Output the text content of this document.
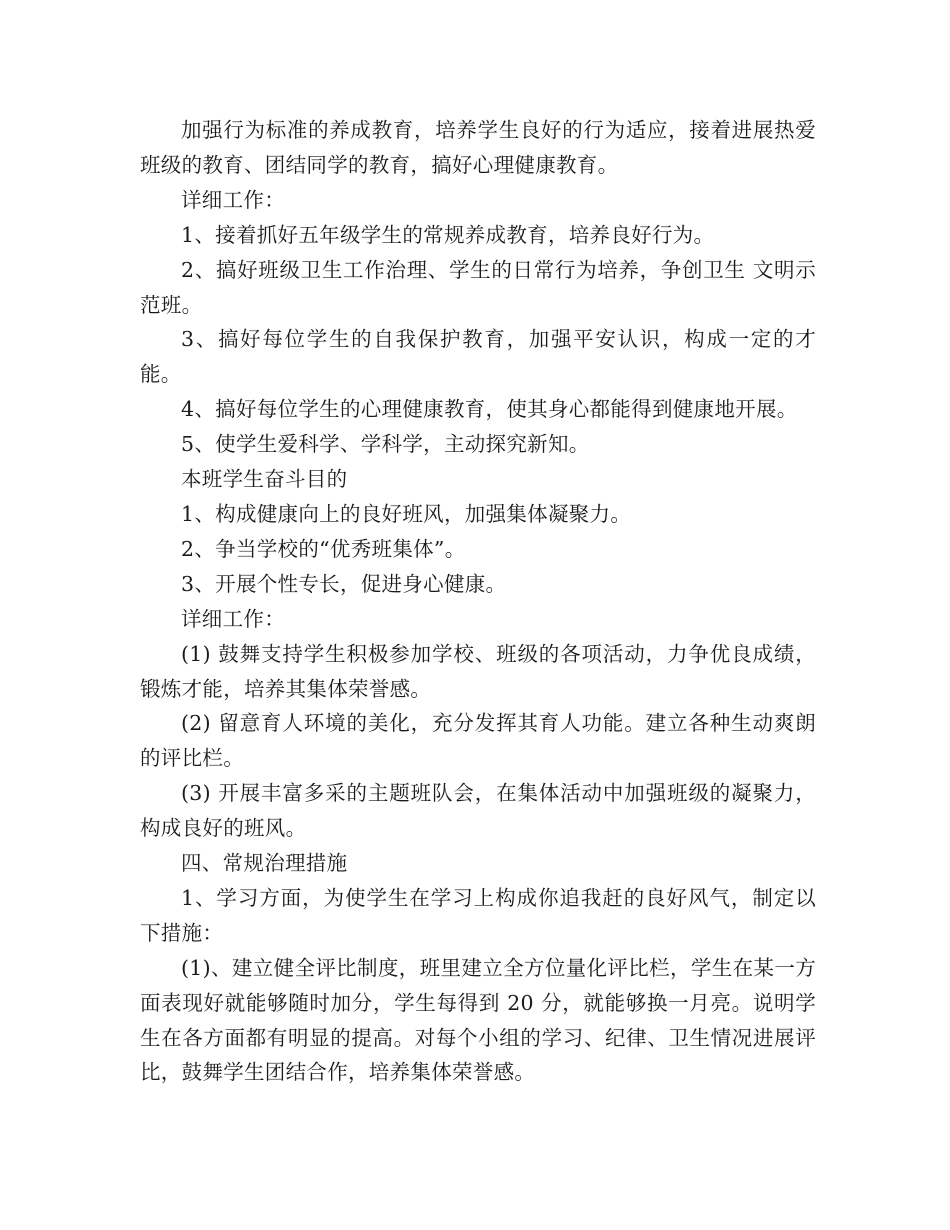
加强行为标准的养成教育，培养学生良好的行为适应，接着进展热爱班级的教育、团结同学的教育，搞好心理健康教育。

详细工作：

1、接着抓好五年级学生的常规养成教育，培养良好行为。

2、搞好班级卫生工作治理、学生的日常行为培养，争创卫生 文明示范班。

3、搞好每位学生的自我保护教育，加强平安认识，构成一定的才能。

4、搞好每位学生的心理健康教育，使其身心都能得到健康地开展。

5、使学生爱科学、学科学，主动探究新知。

本班学生奋斗目的

1、构成健康向上的良好班风，加强集体凝聚力。

2、争当学校的“优秀班集体”。

3、开展个性专长，促进身心健康。

详细工作：

(1) 鼓舞支持学生积极参加学校、班级的各项活动，力争优良成绩，锻炼才能，培养其集体荣誉感。

(2) 留意育人环境的美化，充分发挥其育人功能。建立各种生动爽朗的评比栏。

(3) 开展丰富多采的主题班队会，在集体活动中加强班级的凝聚力，构成良好的班风。

四、常规治理措施

1、学习方面，为使学生在学习上构成你追我赶的良好风气，制定以下措施：

(1)、建立健全评比制度，班里建立全方位量化评比栏，学生在某一方面表现好就能够随时加分，学生每得到 20 分，就能够换一月亮。说明学生在各方面都有明显的提高。对每个小组的学习、纪律、卫生情况进展评比，鼓舞学生团结合作，培养集体荣誉感。
